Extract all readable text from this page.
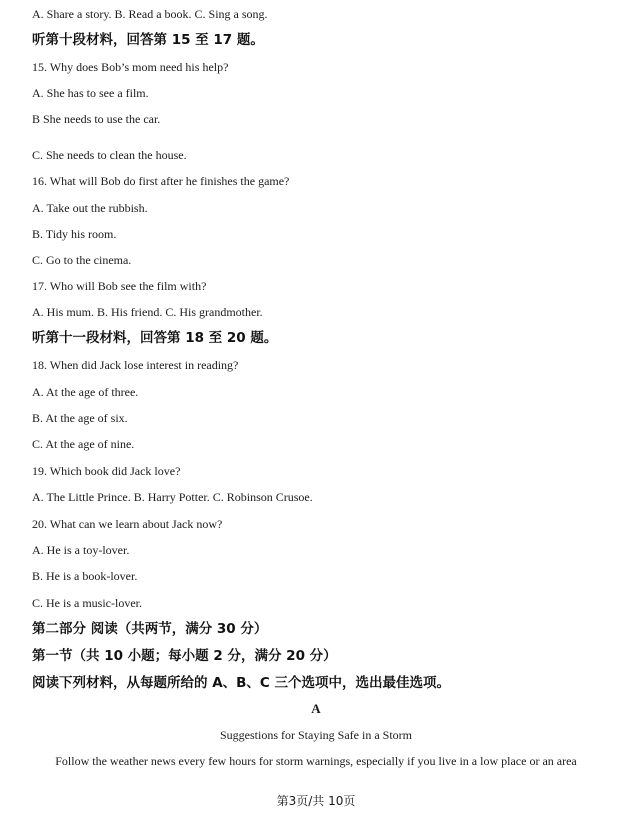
A. Share a story. B. Read a book. C. Sing a song.
听第十段材料，回答第 15 至 17 题。
15. Why does Bob’s mom need his help?
A. She has to see a film.
B She needs to use the car.
C. She needs to clean the house.
16. What will Bob do first after he finishes the game?
A. Take out the rubbish.
B. Tidy his room.
C. Go to the cinema.
17. Who will Bob see the film with?
A. His mum. B. His friend. C. His grandmother.
听第十一段材料，回答第 18 至 20 题。
18. When did Jack lose interest in reading?
A. At the age of three.
B. At the age of six.
C. At the age of nine.
19. Which book did Jack love?
A. The Little Prince. B. Harry Potter. C. Robinson Crusoe.
20. What can we learn about Jack now?
A. He is a toy-lover.
B. He is a book-lover.
C. He is a music-lover.
第二部分 阅读（共两节，满分 30 分）
第一节（共 10 小题；每小题 2 分，满分 20 分）
阅读下列材料，从每题所给的 A、B、C 三个选项中，选出最佳选项。
A
Suggestions for Staying Safe in a Storm
Follow the weather news every few hours for storm warnings, especially if you live in a low place or an area
第3页/共 10页
